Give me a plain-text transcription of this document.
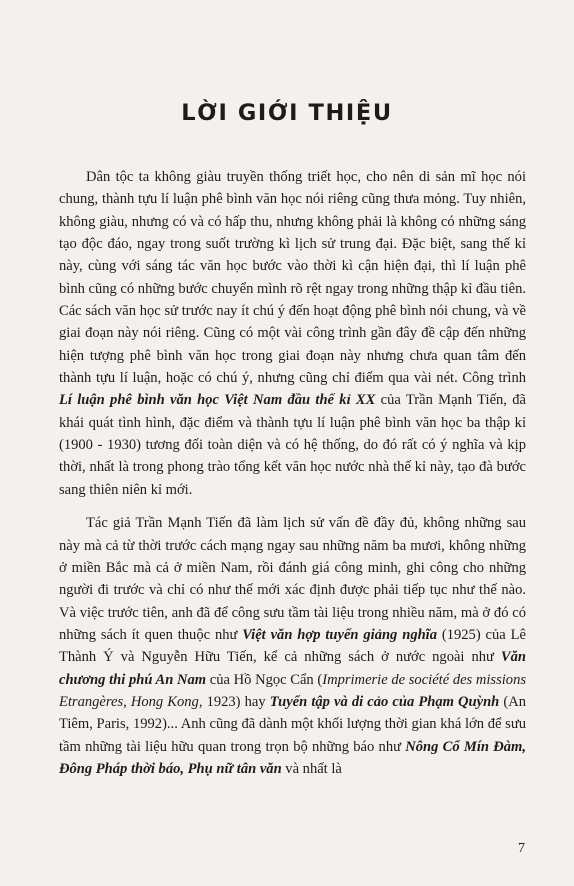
LỜI GIỚI THIỆU

Dân tộc ta không giàu truyền thống triết học, cho nên di sản mĩ học nói chung, thành tựu lí luận phê bình văn học nói riêng cũng thưa mỏng. Tuy nhiên, không giàu, nhưng có và có hấp thu, nhưng không phải là không có những sáng tạo độc đáo, ngay trong suốt trường kì lịch sử trung đại. Đặc biệt, sang thế kỉ này, cùng với sáng tác văn học bước vào thời kì cận hiện đại, thì lí luận phê bình cũng có những bước chuyển mình rõ rệt ngay trong những thập kỉ đầu tiên. Các sách văn học sử trước nay ít chú ý đến hoạt động phê bình nói chung, và về giai đoạn này nói riêng. Cũng có một vài công trình gần đây đề cập đến những hiện tượng phê bình văn học trong giai đoạn này nhưng chưa quan tâm đến thành tựu lí luận, hoặc có chú ý, nhưng cũng chỉ điểm qua vài nét. Công trình Lí luận phê bình văn học Việt Nam đầu thế kỉ XX của Trần Mạnh Tiến, đã khái quát tình hình, đặc điểm và thành tựu lí luận phê bình văn học ba thập kỉ (1900 - 1930) tương đối toàn diện và có hệ thống, do đó rất có ý nghĩa và kịp thời, nhất là trong phong trào tổng kết văn học nước nhà thế kỉ này, tạo đà bước sang thiên niên kỉ mới.

Tác giả Trần Mạnh Tiến đã làm lịch sử vấn đề đầy đủ, không những sau này mà cả từ thời trước cách mạng ngay sau những năm ba mươi, không những ở miền Bắc mà cả ở miền Nam, rồi đánh giá công minh, ghi công cho những người đi trước và chỉ có như thế mới xác định được phải tiếp tục như thế nào. Và việc trước tiên, anh đã để công sưu tầm tài liệu trong nhiều năm, mà ở đó có những sách ít quen thuộc như Việt văn hợp tuyển giảng nghĩa (1925) của Lê Thành Ý và Nguyễn Hữu Tiến, kể cả những sách ở nước ngoài như Văn chương thi phú An Nam của Hồ Ngọc Cẩn (Imprimerie de société des missions Etrangères, Hong Kong, 1923) hay Tuyển tập và di cảo của Phạm Quỳnh (An Tiêm, Paris, 1992)... Anh cũng đã dành một khối lượng thời gian khá lớn để sưu tầm những tài liệu hữu quan trong trọn bộ những báo như Nông Cổ Mín Đàm, Đông Pháp thời báo, Phụ nữ tân văn và nhất là

7
